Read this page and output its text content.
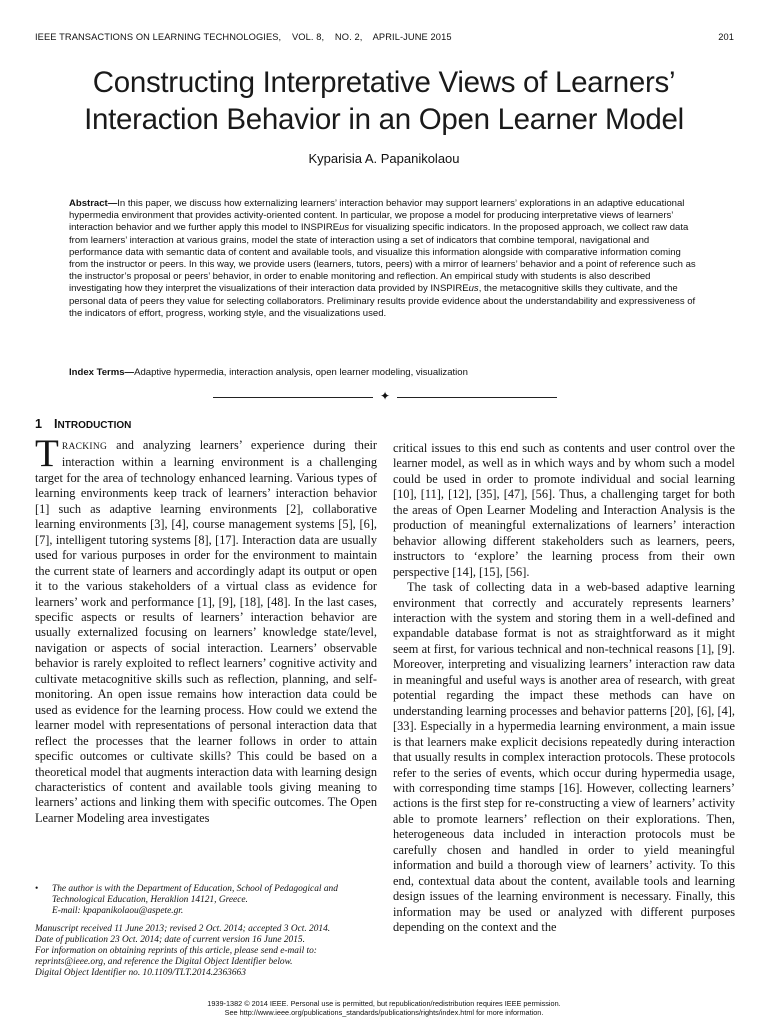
IEEE TRANSACTIONS ON LEARNING TECHNOLOGIES,    VOL. 8,    NO. 2,    APRIL-JUNE 2015	201
Constructing Interpretative Views of Learners’
Interaction Behavior in an Open Learner Model
Kyparisia A. Papanikolaou
Abstract—In this paper, we discuss how externalizing learners’ interaction behavior may support learners’ explorations in an adaptive educational hypermedia environment that provides activity-oriented content. In particular, we propose a model for producing interpretative views of learners’ interaction behavior and we further apply this model to INSPIREus for visualizing specific indicators. In the proposed approach, we collect raw data from learners’ interaction at various grains, model the state of interaction using a set of indicators that combine temporal, navigational and performance data with semantic data of content and available tools, and visualize this information alongside with comparative information coming from the instructor or peers. In this way, we provide users (learners, tutors, peers) with a mirror of learners’ behavior and a point of reference such as the instructor’s proposal or peers’ behavior, in order to enable monitoring and reflection. An empirical study with students is also described investigating how they interpret the visualizations of their interaction data provided by INSPIREus, the metacognitive skills they cultivate, and the personal data of peers they value for selecting collaborators. Preliminary results provide evidence about the understandability and expressiveness of the indicators of effort, progress, working style, and the visualizations used.
Index Terms—Adaptive hypermedia, interaction analysis, open learner modeling, visualization
✦
1 INTRODUCTION

TRACKING and analyzing learners’ experience during their interaction within a learning environment is a challenging target for the area of technology enhanced learning. Various types of learning environments keep track of learners’ interaction behavior [1] such as adaptive learning environments [2], collaborative learning environments [3], [4], course management systems [5], [6], [7], intelligent tutoring systems [8], [17]. Interaction data are usually used for various purposes in order for the environment to maintain the current state of learners and accordingly adapt its output or open it to the various stakeholders of a virtual class as evidence for learners’ work and performance [1], [9], [18], [48]. In the last cases, specific aspects or results of learners’ interaction behavior are usually externalized focusing on learners’ knowledge state/level, navigation or aspects of social interaction. Learners’ observable behavior is rarely exploited to reflect learners’ cognitive activity and cultivate metacognitive skills such as reflection, planning, and self-monitoring. An open issue remains how interaction data could be used as evidence for the learning process. How could we extend the learner model with representations of personal interaction data that reflect the processes that the learner follows in order to attain specific outcomes or cultivate skills? This could be based on a theoretical model that augments interaction data with learning design characteristics of content and available tools giving meaning to learners’ actions and linking them with specific outcomes. The Open Learner Modeling area investigates

critical issues to this end such as contents and user control over the learner model, as well as in which ways and by whom such a model could be used in order to promote individual and social learning [10], [11], [12], [35], [47], [56]. Thus, a challenging target for both the areas of Open Learner Modeling and Interaction Analysis is the production of meaningful externalizations of learners’ interaction behavior allowing different stakeholders such as learners, peers, instructors to ‘explore’ the learning process from their own perspective [14], [15], [56].

The task of collecting data in a web-based adaptive learning environment that correctly and accurately represents learners’ interaction with the system and storing them in a well-defined and expandable database format is not as straightforward as it might seem at first, for various technical and non-technical reasons [1], [9]. Moreover, interpreting and visualizing learners’ interaction raw data in meaningful and useful ways is another area of research, with great potential regarding the impact these methods can have on understanding learning processes and behavior patterns [20], [6], [4], [33]. Especially in a hypermedia learning environment, a main issue is that learners make explicit decisions repeatedly during interaction that usually results in complex interaction protocols. These protocols refer to the series of events, which occur during hypermedia usage, with corresponding time stamps [16]. However, collecting learners’ actions is the first step for re-constructing a view of learners’ activity able to promote learners’ reflection on their explorations. Then, heterogeneous data included in interaction protocols must be carefully chosen and handled in order to yield meaningful information and build a thorough view of learners’ activity. To this end, contextual data about the content, available tools and learning design issues of the learning environment is necessary. Finally, this information may be used or analyzed with different purposes depending on the context and the

• The author is with the Department of Education, School of Pedagogical and Technological Education, Heraklion 14121, Greece.
E-mail: kpapanikolaou@aspete.gr.
Manuscript received 11 June 2013; revised 2 Oct. 2014; accepted 3 Oct. 2014.
Date of publication 23 Oct. 2014; date of current version 16 June 2015.
For information on obtaining reprints of this article, please send e-mail to:
reprints@ieee.org, and reference the Digital Object Identifier below.
Digital Object Identifier no. 10.1109/TLT.2014.2363663
1939-1382 © 2014 IEEE. Personal use is permitted, but republication/redistribution requires IEEE permission.
See http://www.ieee.org/publications_standards/publications/rights/index.html for more information.
